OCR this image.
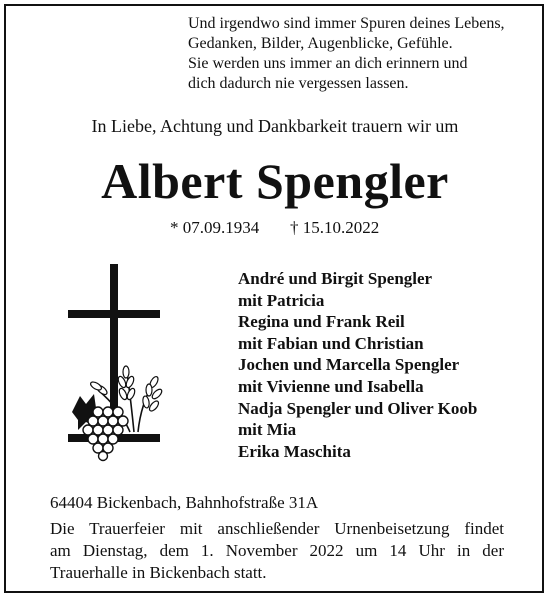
Und irgendwo sind immer Spuren deines Lebens,
Gedanken, Bilder, Augenblicke, Gefühle.
Sie werden uns immer an dich erinnern und
dich dadurch nie vergessen lassen.
In Liebe, Achtung und Dankbarkeit trauern wir um
Albert Spengler
* 07.09.1934 † 15.10.2022
André und Birgit Spengler
mit Patricia
Regina und Frank Reil
mit Fabian und Christian
Jochen und Marcella Spengler
mit Vivienne und Isabella
Nadja Spengler und Oliver Koob
mit Mia
Erika Maschita
64404 Bickenbach, Bahnhofstraße 31A
Die Trauerfeier mit anschließender Urnenbeisetzung findet
am Dienstag, dem 1. November 2022 um 14 Uhr in der
Trauerhalle in Bickenbach statt.
